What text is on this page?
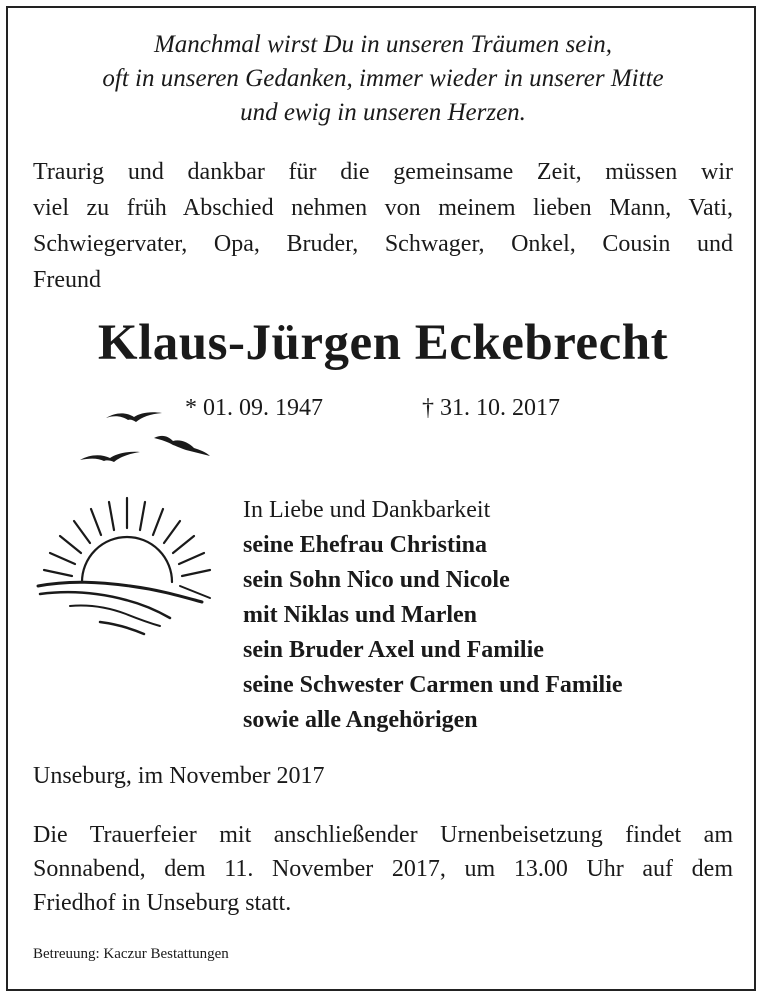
Manchmal wirst Du in unseren Träumen sein,
oft in unseren Gedanken, immer wieder in unserer Mitte
und ewig in unseren Herzen.
Traurig und dankbar für die gemeinsame Zeit, müssen wir
viel zu früh Abschied nehmen von meinem lieben Mann, Vati,
Schwiegervater, Opa, Bruder, Schwager, Onkel, Cousin und
Freund
Klaus-Jürgen Eckebrecht
* 01. 09. 1947	† 31. 10. 2017
In Liebe und Dankbarkeit
seine Ehefrau Christina
sein Sohn Nico und Nicole
mit Niklas und Marlen
sein Bruder Axel und Familie
seine Schwester Carmen und Familie
sowie alle Angehörigen
Unseburg, im November 2017
Die Trauerfeier mit anschließender Urnenbeisetzung findet am
Sonnabend, dem 11. November 2017, um 13.00 Uhr auf dem
Friedhof in Unseburg statt.
Betreuung: Kaczur Bestattungen
